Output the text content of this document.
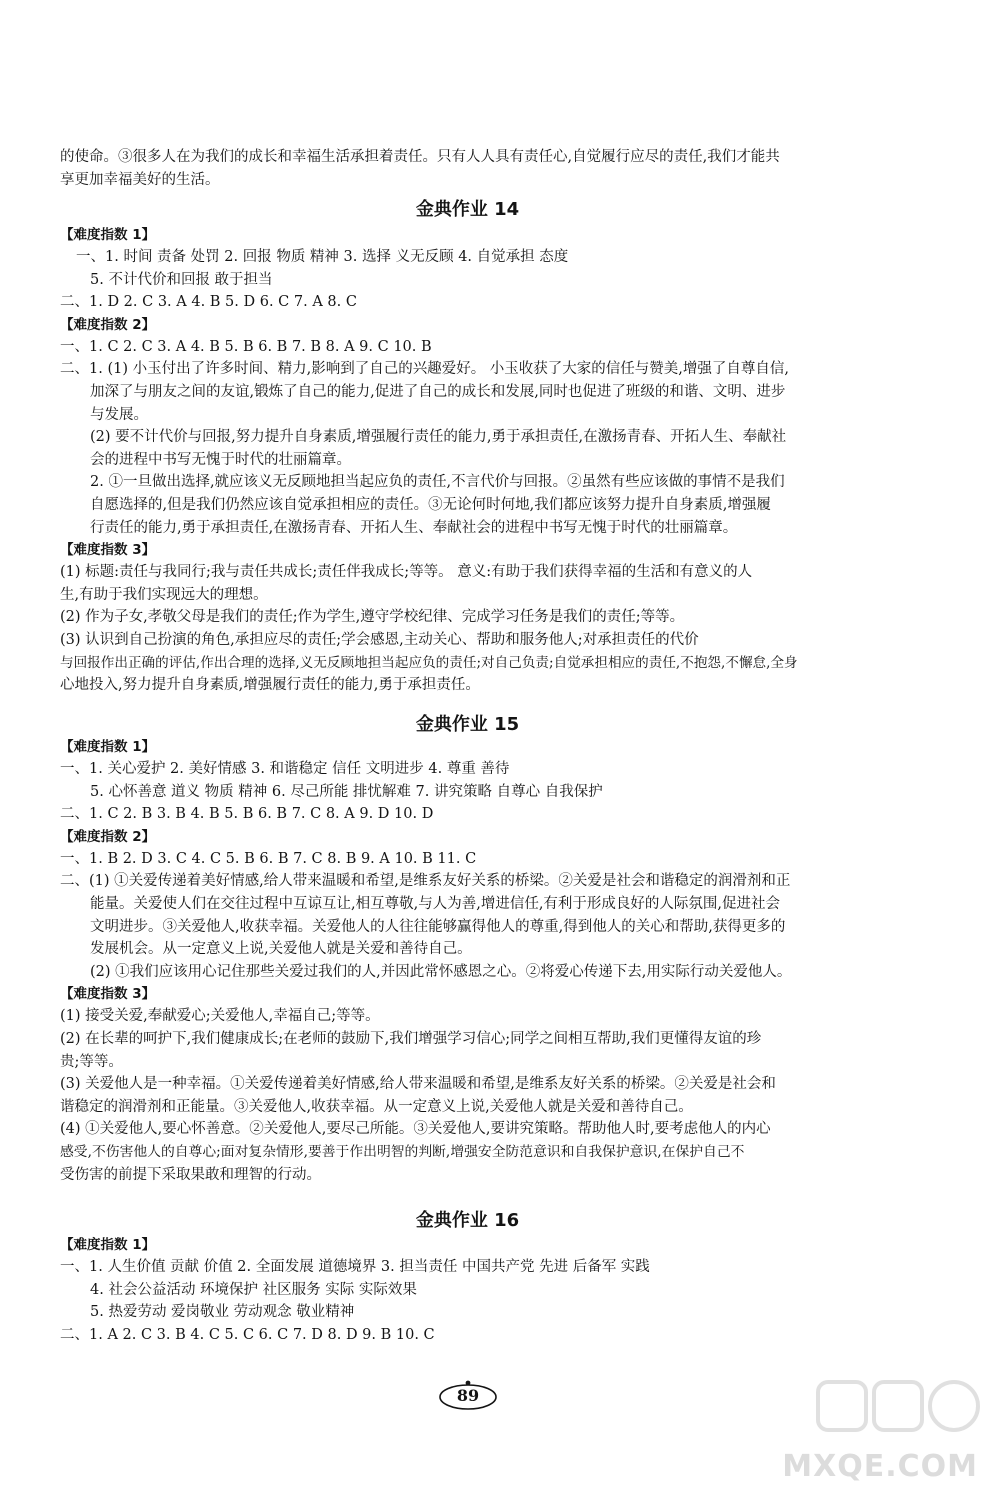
的使命。③很多人在为我们的成长和幸福生活承担着责任。只有人人具有责任心,自觉履行应尽的责任,我们才能共

享更加幸福美好的生活。

金典作业 14

【难度指数 1】

一、1. 时间 责备 处罚 2. 回报 物质 精神 3. 选择 义无反顾 4. 自觉承担 态度

5. 不计代价和回报 敢于担当

二、1. D 2. C 3. A 4. B 5. D 6. C 7. A 8. C

【难度指数 2】

一、1. C 2. C 3. A 4. B 5. B 6. B 7. B 8. A 9. C 10. B

二、1. (1) 小玉付出了许多时间、精力,影响到了自己的兴趣爱好。 小玉收获了大家的信任与赞美,增强了自尊自信,

加深了与朋友之间的友谊,锻炼了自己的能力,促进了自己的成长和发展,同时也促进了班级的和谐、文明、进步

与发展。

(2) 要不计代价与回报,努力提升自身素质,增强履行责任的能力,勇于承担责任,在激扬青春、开拓人生、奉献社

会的进程中书写无愧于时代的壮丽篇章。

2. ①一旦做出选择,就应该义无反顾地担当起应负的责任,不言代价与回报。②虽然有些应该做的事情不是我们

自愿选择的,但是我们仍然应该自觉承担相应的责任。③无论何时何地,我们都应该努力提升自身素质,增强履

行责任的能力,勇于承担责任,在激扬青春、开拓人生、奉献社会的进程中书写无愧于时代的壮丽篇章。

【难度指数 3】

(1) 标题:责任与我同行;我与责任共成长;责任伴我成长;等等。 意义:有助于我们获得幸福的生活和有意义的人

生,有助于我们实现远大的理想。

(2) 作为子女,孝敬父母是我们的责任;作为学生,遵守学校纪律、完成学习任务是我们的责任;等等。

(3) 认识到自己扮演的角色,承担应尽的责任;学会感恩,主动关心、帮助和服务他人;对承担责任的代价

与回报作出正确的评估,作出合理的选择,义无反顾地担当起应负的责任;对自己负责;自觉承担相应的责任,不抱怨,不懈怠,全身

心地投入,努力提升自身素质,增强履行责任的能力,勇于承担责任。

金典作业 15

【难度指数 1】

一、1. 关心爱护 2. 美好情感 3. 和谐稳定 信任 文明进步 4. 尊重 善待

5. 心怀善意 道义 物质 精神 6. 尽己所能 排忧解难 7. 讲究策略 自尊心 自我保护

二、1. C 2. B 3. B 4. B 5. B 6. B 7. C 8. A 9. D 10. D

【难度指数 2】

一、1. B 2. D 3. C 4. C 5. B 6. B 7. C 8. B 9. A 10. B 11. C

二、(1) ①关爱传递着美好情感,给人带来温暖和希望,是维系友好关系的桥梁。②关爱是社会和谐稳定的润滑剂和正

能量。关爱使人们在交往过程中互谅互让,相互尊敬,与人为善,增进信任,有利于形成良好的人际氛围,促进社会

文明进步。③关爱他人,收获幸福。关爱他人的人往往能够赢得他人的尊重,得到他人的关心和帮助,获得更多的

发展机会。从一定意义上说,关爱他人就是关爱和善待自己。

(2) ①我们应该用心记住那些关爱过我们的人,并因此常怀感恩之心。②将爱心传递下去,用实际行动关爱他人。

【难度指数 3】

(1) 接受关爱,奉献爱心;关爱他人,幸福自己;等等。

(2) 在长辈的呵护下,我们健康成长;在老师的鼓励下,我们增强学习信心;同学之间相互帮助,我们更懂得友谊的珍

贵;等等。

(3) 关爱他人是一种幸福。①关爱传递着美好情感,给人带来温暖和希望,是维系友好关系的桥梁。②关爱是社会和

谐稳定的润滑剂和正能量。③关爱他人,收获幸福。从一定意义上说,关爱他人就是关爱和善待自己。

(4) ①关爱他人,要心怀善意。②关爱他人,要尽己所能。③关爱他人,要讲究策略。帮助他人时,要考虑他人的内心

感受,不伤害他人的自尊心;面对复杂情形,要善于作出明智的判断,增强安全防范意识和自我保护意识,在保护自己不

受伤害的前提下采取果敢和理智的行动。

金典作业 16

【难度指数 1】

一、1. 人生价值 贡献 价值 2. 全面发展 道德境界 3. 担当责任 中国共产党 先进 后备军 实践

4. 社会公益活动 环境保护 社区服务 实际 实际效果

5. 热爱劳动 爱岗敬业 劳动观念 敬业精神

二、1. A 2. C 3. B 4. C 5. C 6. C 7. D 8. D 9. B 10. C

89
MXQE.COM
